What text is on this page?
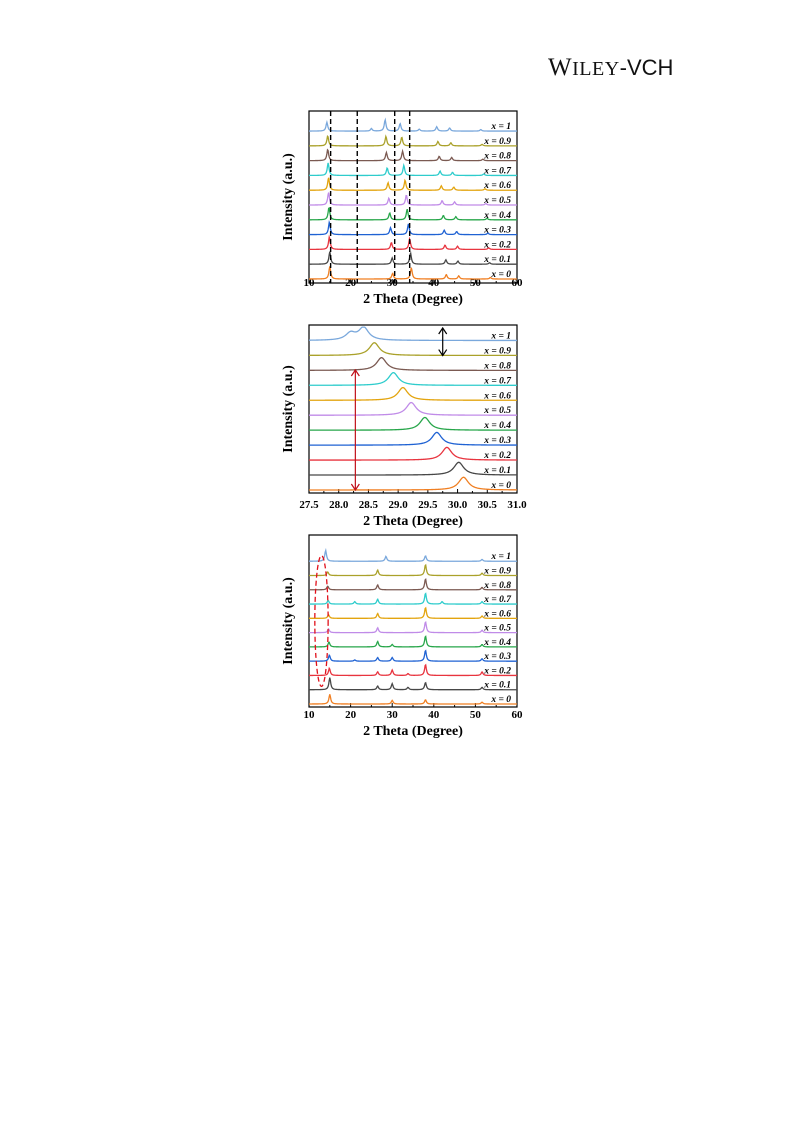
WILEY-VCH
10	20	30	40	50	60
2 Theta (Degree)
Intensity (a.u.)
x = 0
x = 0.1
x = 0.2
x = 0.3
x = 0.4
x = 0.5
x = 0.6
x = 0.7
x = 0.8
x = 0.9
x = 1
27.5 28.0 28.5 29.0 29.5 30.0 30.5 31.0
2 Theta (Degree)
Intensity (a.u.)
x = 0
x = 0.1
x = 0.2
x = 0.3
x = 0.4
x = 0.5
x = 0.6
x = 0.7
x = 0.8
x = 0.9
x = 1
10	20	30	40	50	60
2 Theta (Degree)
Intensity (a.u.)
x = 0
x = 0.1
x = 0.2
x = 0.3
x = 0.4
x = 0.5
x = 0.6
x = 0.7
x = 0.8
x = 0.9
x = 1
